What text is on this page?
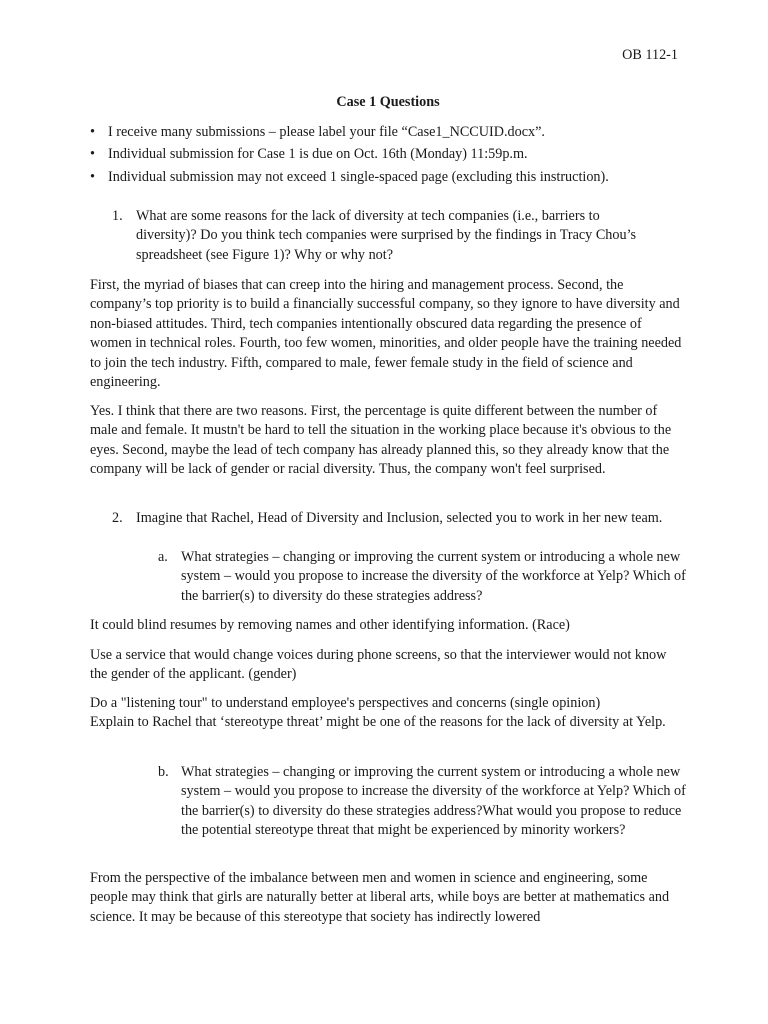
OB 112-1

Case 1 Questions

• I receive many submissions – please label your file “Case1_NCCUID.docx”.
• Individual submission for Case 1 is due on Oct. 16th (Monday) 11:59p.m.
• Individual submission may not exceed 1 single-spaced page (excluding this instruction).
1. What are some reasons for the lack of diversity at tech companies (i.e., barriers to diversity)? Do you think tech companies were surprised by the findings in Tracy Chou’s spreadsheet (see Figure 1)? Why or why not?

First, the myriad of biases that can creep into the hiring and management process. Second, the company’s top priority is to build a financially successful company, so they ignore to have diversity and non-biased attitudes. Third, tech companies intentionally obscured data regarding the presence of women in technical roles. Fourth, too few women, minorities, and older people have the training needed to join the tech industry. Fifth, compared to male, fewer female study in the field of science and engineering.

Yes. I think that there are two reasons. First, the percentage is quite different between the number of male and female. It mustn't be hard to tell the situation in the working place because it's obvious to the eyes. Second, maybe the lead of tech company has already planned this, so they already know that the company will be lack of gender or racial diversity. Thus, the company won't feel surprised.

2. Imagine that Rachel, Head of Diversity and Inclusion, selected you to work in her new team.

a. What strategies – changing or improving the current system or introducing a whole new system – would you propose to increase the diversity of the workforce at Yelp? Which of the barrier(s) to diversity do these strategies address?

It could blind resumes by removing names and other identifying information. (Race)

Use a service that would change voices during phone screens, so that the interviewer would not know the gender of the applicant. (gender)

Do a "listening tour" to understand employee's perspectives and concerns (single opinion)

Explain to Rachel that ‘stereotype threat’ might be one of the reasons for the lack of diversity at Yelp.

b. What strategies – changing or improving the current system or introducing a whole new system – would you propose to increase the diversity of the workforce at Yelp? Which of the barrier(s) to diversity do these strategies address?What would you propose to reduce the potential stereotype threat that might be experienced by minority workers?

From the perspective of the imbalance between men and women in science and engineering, some people may think that girls are naturally better at liberal arts, while boys are better at mathematics and science. It may be because of this stereotype that society has indirectly lowered
